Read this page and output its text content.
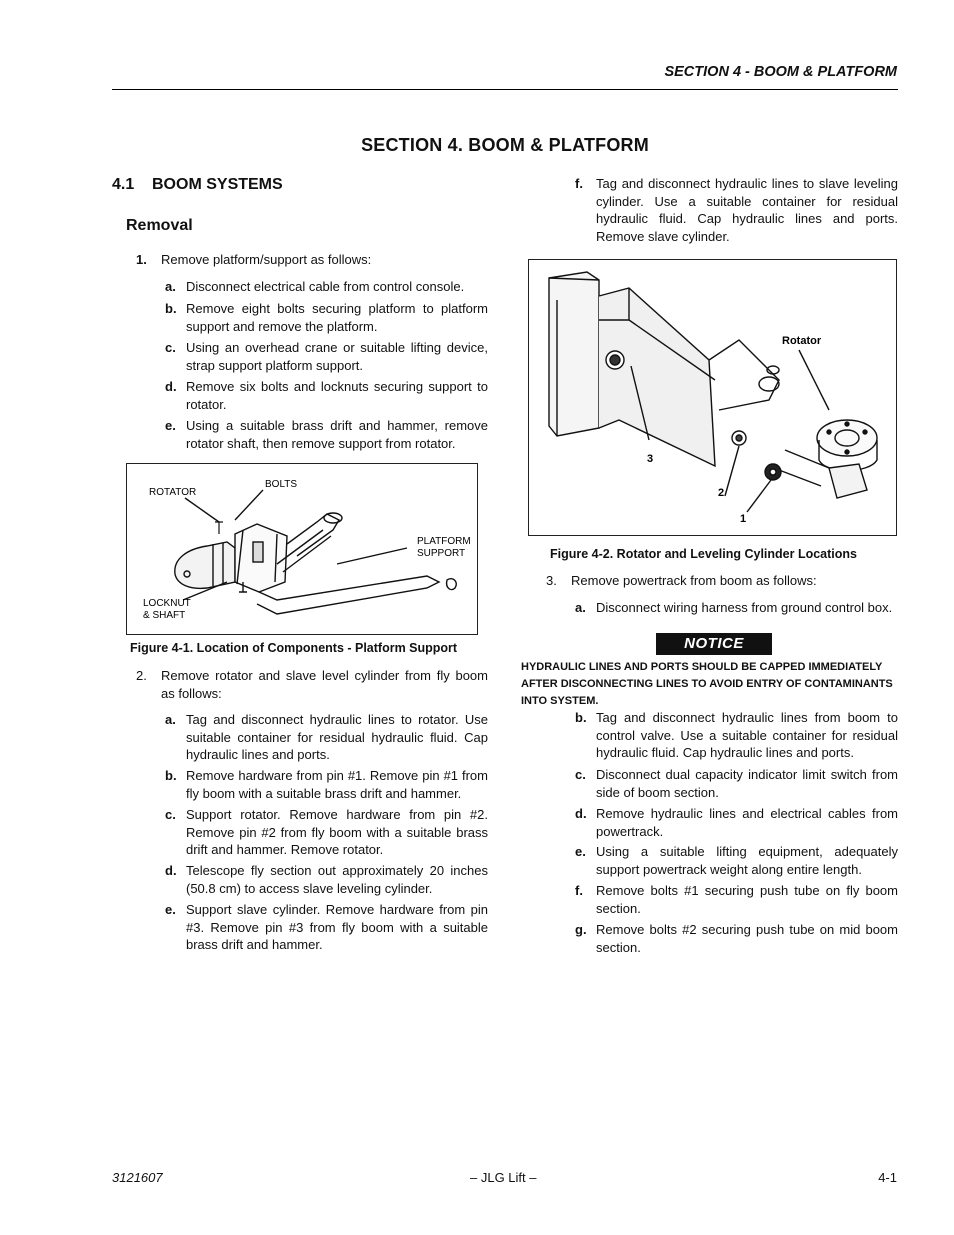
SECTION 4 - BOOM & PLATFORM
SECTION 4. BOOM & PLATFORM
4.1 BOOM SYSTEMS
Removal
1. Remove platform/support as follows:
a. Disconnect electrical cable from control console.
b. Remove eight bolts securing platform to platform support and remove the platform.
c. Using an overhead crane or suitable lifting device, strap support platform support.
d. Remove six bolts and locknuts securing support to rotator.
e. Using a suitable brass drift and hammer, remove rotator shaft, then remove support from rotator.
ROTATOR
BOLTS
PLATFORM
SUPPORT
LOCKNUT
& SHAFT
Figure 4-1. Location of Components - Platform Support
2. Remove rotator and slave level cylinder from fly boom as follows:
a. Tag and disconnect hydraulic lines to rotator. Use suitable container for residual hydraulic fluid. Cap hydraulic lines and ports.
b. Remove hardware from pin #1. Remove pin #1 from fly boom with a suitable brass drift and hammer.
c. Support rotator. Remove hardware from pin #2. Remove pin #2 from fly boom with a suitable brass drift and hammer. Remove rotator.
d. Telescope fly section out approximately 20 inches (50.8 cm) to access slave leveling cylinder.
e. Support slave cylinder. Remove hardware from pin #3. Remove pin #3 from fly boom with a suitable brass drift and hammer.
f. Tag and disconnect hydraulic lines to slave leveling cylinder. Use a suitable container for residual hydraulic fluid. Cap hydraulic lines and ports. Remove slave cylinder.
Rotator
3
2
1
Figure 4-2. Rotator and Leveling Cylinder Locations
3. Remove powertrack from boom as follows:
a. Disconnect wiring harness from ground control box.
NOTICE
HYDRAULIC LINES AND PORTS SHOULD BE CAPPED IMMEDIATELY AFTER DISCONNECTING LINES TO AVOID ENTRY OF CONTAMINANTS INTO SYSTEM.
b. Tag and disconnect hydraulic lines from boom to control valve. Use a suitable container for residual hydraulic fluid. Cap hydraulic lines and ports.
c. Disconnect dual capacity indicator limit switch from side of boom section.
d. Remove hydraulic lines and electrical cables from powertrack.
e. Using a suitable lifting equipment, adequately support powertrack weight along entire length.
f. Remove bolts #1 securing push tube on fly boom section.
g. Remove bolts #2 securing push tube on mid boom section.
3121607	– JLG Lift –	4-1
